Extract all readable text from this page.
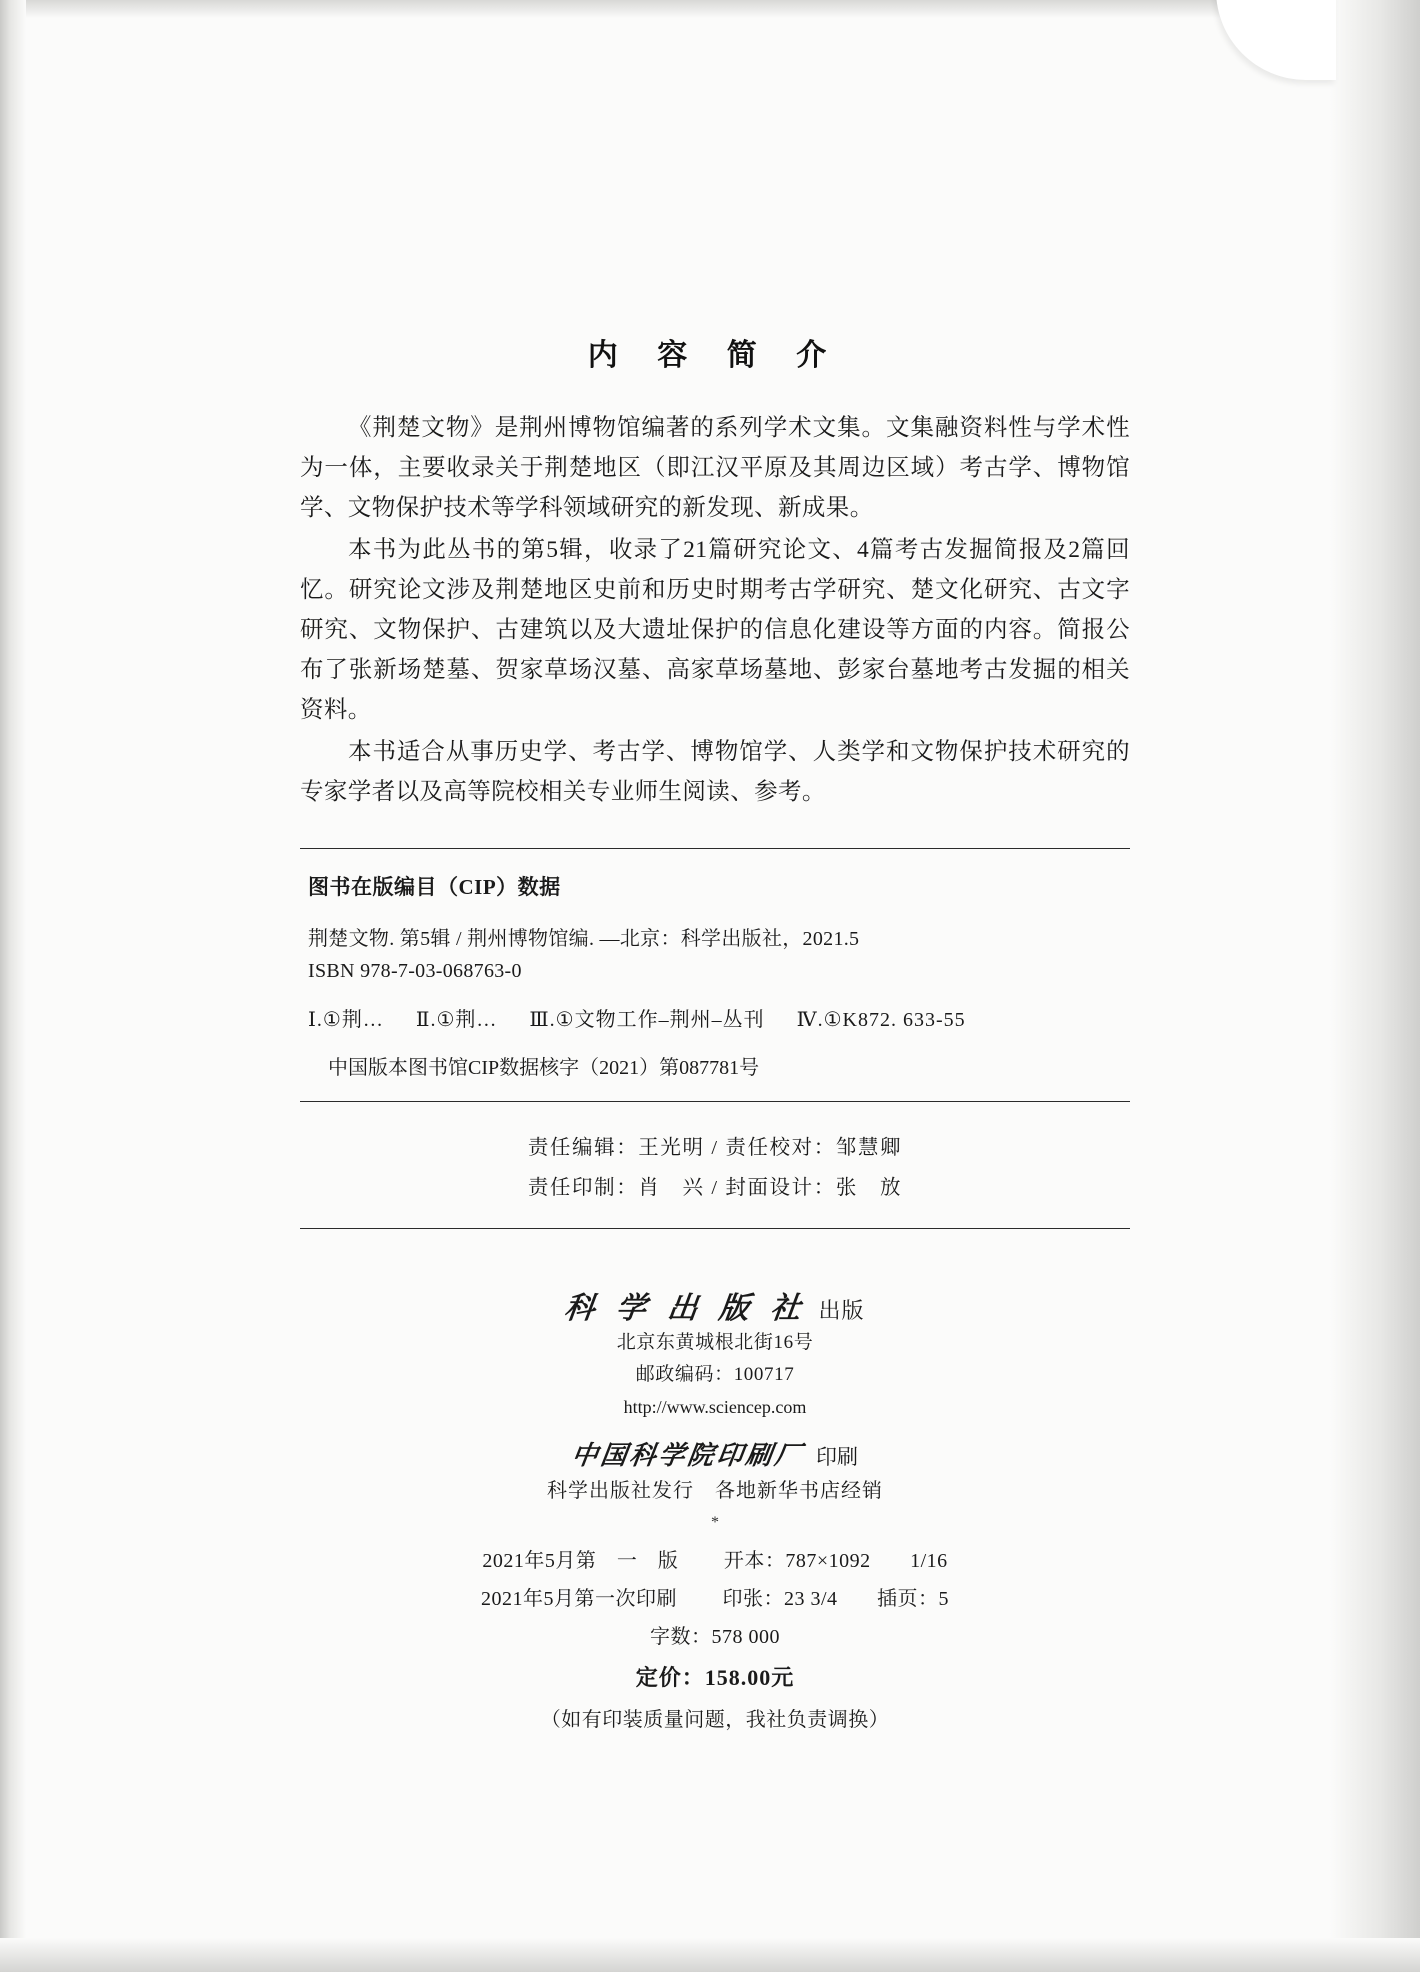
内 容 简 介

《荆楚文物》是荆州博物馆编著的系列学术文集。文集融资料性与学术性为一体，主要收录关于荆楚地区（即江汉平原及其周边区域）考古学、博物馆学、文物保护技术等学科领域研究的新发现、新成果。

本书为此丛书的第5辑，收录了21篇研究论文、4篇考古发掘简报及2篇回忆。研究论文涉及荆楚地区史前和历史时期考古学研究、楚文化研究、古文字研究、文物保护、古建筑以及大遗址保护的信息化建设等方面的内容。简报公布了张新场楚墓、贺家草场汉墓、高家草场墓地、彭家台墓地考古发掘的相关资料。

本书适合从事历史学、考古学、博物馆学、人类学和文物保护技术研究的专家学者以及高等院校相关专业师生阅读、参考。

图书在版编目（CIP）数据

荆楚文物. 第5辑 / 荆州博物馆编. —北京：科学出版社，2021.5

ISBN 978-7-03-068763-0

Ⅰ.①荆… Ⅱ.①荆… Ⅲ.①文物工作–荆州–丛刊 Ⅳ.①K872. 633-55
中国版本图书馆CIP数据核字（2021）第087781号
责任编辑：王光明 / 责任校对：邹慧卿
责任印制：肖　兴 / 封面设计：张　放
科 学 出 版 社 出版
北京东黄城根北街16号
邮政编码：100717
http://www.sciencep.com
中国科学院印刷厂 印刷
科学出版社发行　各地新华书店经销
*
2021年5月第　一　版 开本：787×1092 1/16
2021年5月第一次印刷 印张：23 3/4 插页：5
字数：578 000
定价：158.00元
（如有印装质量问题，我社负责调换）
